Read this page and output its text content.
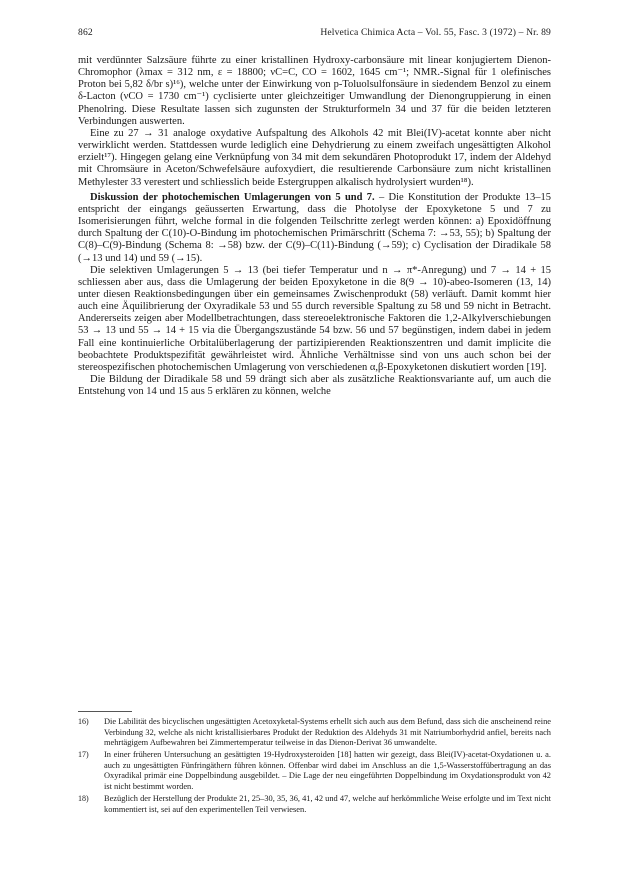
862	Helvetica Chimica Acta – Vol. 55, Fasc. 3 (1972) – Nr. 89

mit verdünnter Salzsäure führte zu einer kristallinen Hydroxy-carbonsäure mit linear konjugiertem Dienon-Chromophor (λmax = 312 nm, ε = 18800; νC=C, CO = 1602, 1645 cm⁻¹; NMR.-Signal für 1 olefinisches Proton bei 5,82 δ/br s)¹⁶), welche unter der Einwirkung von p-Toluolsulfonsäure in siedendem Benzol zu einem δ-Lacton (νCO = 1730 cm⁻¹) cyclisierte unter gleichzeitiger Umwandlung der Dienongruppierung in einen Phenolring. Diese Resultate lassen sich zugunsten der Strukturformeln 34 und 37 für die beiden letzteren Verbindungen auswerten.

Eine zu 27 → 31 analoge oxydative Aufspaltung des Alkohols 42 mit Blei(IV)-acetat konnte aber nicht verwirklicht werden. Stattdessen wurde lediglich eine Dehydrierung zu einem zweifach ungesättigten Alkohol erzielt¹⁷). Hingegen gelang eine Verknüpfung von 34 mit dem sekundären Photoprodukt 17, indem der Aldehyd mit Chromsäure in Aceton/Schwefelsäure aufoxydiert, die resultierende Carbonsäure zum nicht kristallinen Methylester 33 verestert und schliesslich beide Estergruppen alkalisch hydrolysiert wurden¹⁸).

Diskussion der photochemischen Umlagerungen von 5 und 7. – Die Konstitution der Produkte 13–15 entspricht der eingangs geäusserten Erwartung, dass die Photolyse der Epoxyketone 5 und 7 zu Isomerisierungen führt, welche formal in die folgenden Teilschritte zerlegt werden können: a) Epoxidöffnung durch Spaltung der C(10)-O-Bindung im photochemischen Primärschritt (Schema 7: →53, 55); b) Spaltung der C(8)–C(9)-Bindung (Schema 8: →58) bzw. der C(9)–C(11)-Bindung (→59); c) Cyclisation der Diradikale 58 (→13 und 14) und 59 (→15).

Die selektiven Umlagerungen 5 → 13 (bei tiefer Temperatur und n → π*-Anregung) und 7 → 14 + 15 schliessen aber aus, dass die Umlagerung der beiden Epoxyketone in die 8(9 → 10)-abeo-Isomeren (13, 14) unter diesen Reaktionsbedingungen über ein gemeinsames Zwischenprodukt (58) verläuft. Damit kommt hier auch eine Äquilibrierung der Oxyradikale 53 und 55 durch reversible Spaltung zu 58 und 59 nicht in Betracht. Andererseits zeigen aber Modellbetrachtungen, dass stereoelektronische Faktoren die 1,2-Alkylverschiebungen 53 → 13 und 55 → 14 + 15 via die Übergangszustände 54 bzw. 56 und 57 begünstigen, indem dabei in jedem Fall eine kontinuierliche Orbitalüberlagerung der partizipierenden Reaktionszentren und damit implicite die beobachtete Produktspezifität gewährleistet wird. Ähnliche Verhältnisse sind von uns auch schon bei der stereospezifischen photochemischen Umlagerung von verschiedenen α,β-Epoxyketonen diskutiert worden [19].

Die Bildung der Diradikale 58 und 59 drängt sich aber als zusätzliche Reaktionsvariante auf, um auch die Entstehung von 14 und 15 aus 5 erklären zu können, welche

16) Die Labilität des bicyclischen ungesättigten Acetoxyketal-Systems erhellt sich auch aus dem Befund, dass sich die anscheinend reine Verbindung 32, welche als nicht kristallisierbares Produkt der Reduktion des Aldehyds 31 mit Natriumborhydrid anfiel, bereits nach mehrtägigem Aufbewahren bei Zimmertemperatur teilweise in das Dienon-Derivat 36 umwandelte.
17) In einer früheren Untersuchung an gesättigten 19-Hydroxysteroiden [18] hatten wir gezeigt, dass Blei(IV)-acetat-Oxydationen u. a. auch zu ungesättigten Fünfringäthern führen können. Offenbar wird dabei im Anschluss an die 1,5-Wasserstoffübertragung an das Oxyradikal primär eine Doppelbindung ausgebildet. – Die Lage der neu eingeführten Doppelbindung im Oxydationsprodukt von 42 ist nicht bestimmt worden.
18) Bezüglich der Herstellung der Produkte 21, 25–30, 35, 36, 41, 42 und 47, welche auf herkömmliche Weise erfolgte und im Text nicht kommentiert ist, sei auf den experimentellen Teil verwiesen.
